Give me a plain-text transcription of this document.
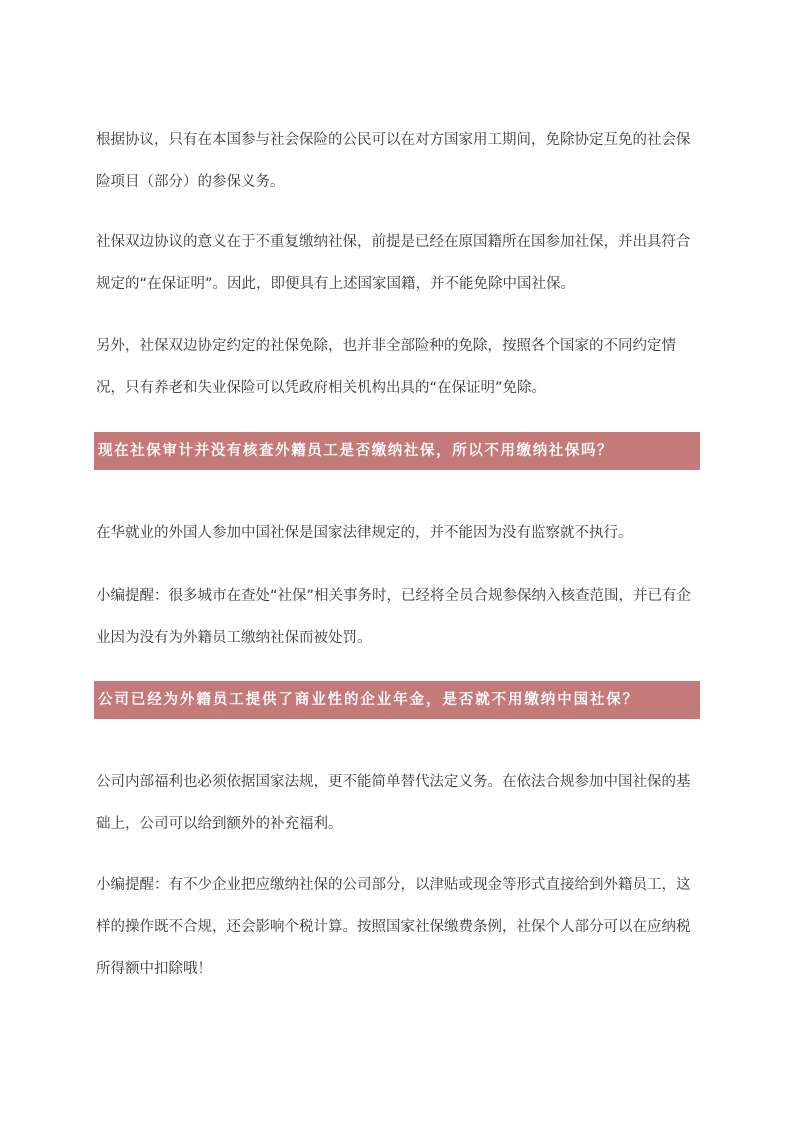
根据协议，只有在本国参与社会保险的公民可以在对方国家用工期间，免除协定互免的社会保险项目（部分）的参保义务。

社保双边协议的意义在于不重复缴纳社保，前提是已经在原国籍所在国参加社保，并出具符合规定的“在保证明”。因此，即便具有上述国家国籍，并不能免除中国社保。

另外，社保双边协定约定的社保免除，也并非全部险种的免除，按照各个国家的不同约定情况，只有养老和失业保险可以凭政府相关机构出具的“在保证明”免除。

现在社保审计并没有核查外籍员工是否缴纳社保，所以不用缴纳社保吗？

在华就业的外国人参加中国社保是国家法律规定的，并不能因为没有监察就不执行。

小编提醒：很多城市在查处“社保”相关事务时，已经将全员合规参保纳入核查范围，并已有企业因为没有为外籍员工缴纳社保而被处罚。

公司已经为外籍员工提供了商业性的企业年金，是否就不用缴纳中国社保？

公司内部福利也必须依据国家法规，更不能简单替代法定义务。在依法合规参加中国社保的基础上，公司可以给到额外的补充福利。

小编提醒：有不少企业把应缴纳社保的公司部分，以津贴或现金等形式直接给到外籍员工，这样的操作既不合规，还会影响个税计算。按照国家社保缴费条例，社保个人部分可以在应纳税所得额中扣除哦！
